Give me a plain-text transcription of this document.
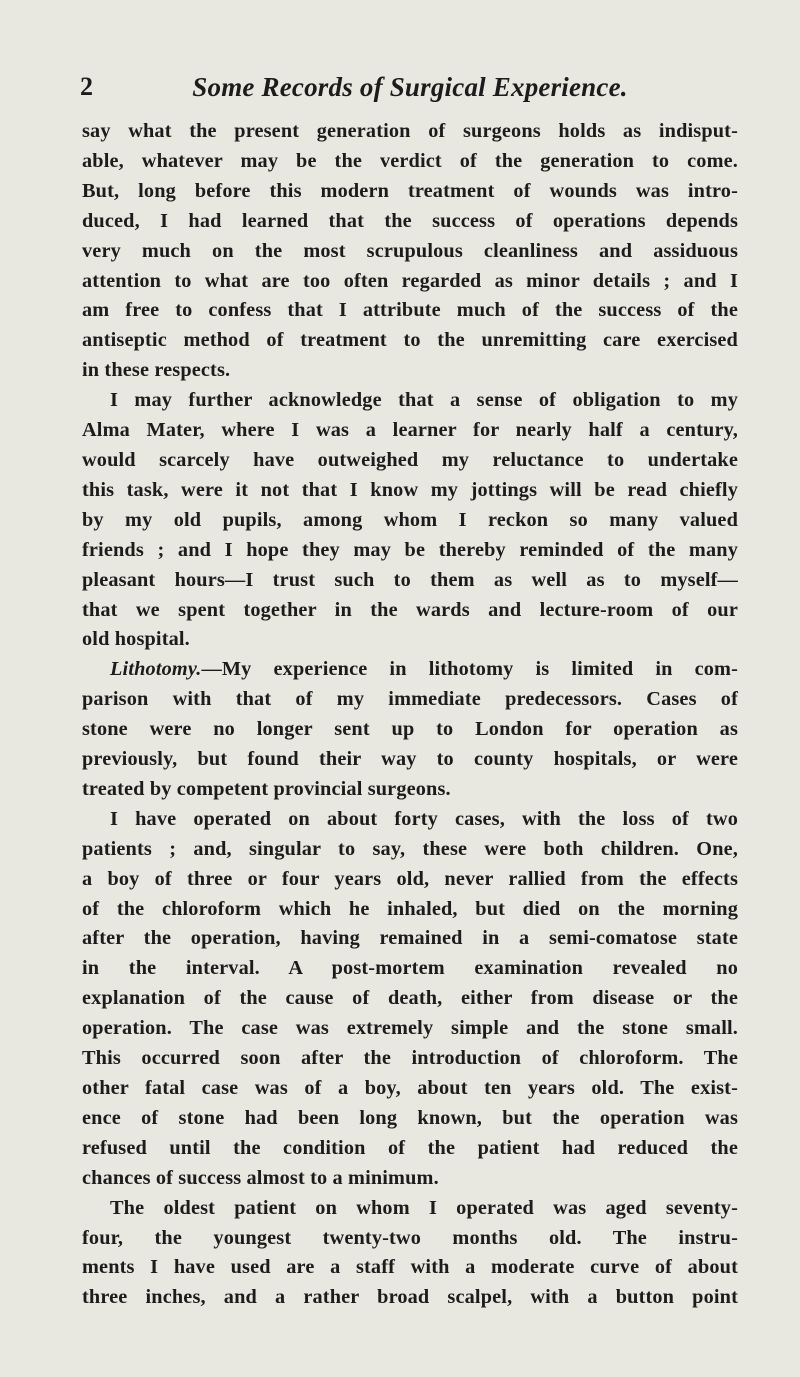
2	Some Records of Surgical Experience.
say what the present generation of surgeons holds as indisput-
able, whatever may be the verdict of the generation to come.
But, long before this modern treatment of wounds was intro-
duced, I had learned that the success of operations depends
very much on the most scrupulous cleanliness and assiduous
attention to what are too often regarded as minor details ; and I
am free to confess that I attribute much of the success of the
antiseptic method of treatment to the unremitting care exercised
in these respects.
I may further acknowledge that a sense of obligation to my
Alma Mater, where I was a learner for nearly half a century,
would scarcely have outweighed my reluctance to undertake
this task, were it not that I know my jottings will be read chiefly
by my old pupils, among whom I reckon so many valued
friends ; and I hope they may be thereby reminded of the many
pleasant hours—I trust such to them as well as to myself—
that we spent together in the wards and lecture-room of our
old hospital.
Lithotomy.—My experience in lithotomy is limited in com-
parison with that of my immediate predecessors. Cases of
stone were no longer sent up to London for operation as
previously, but found their way to county hospitals, or were
treated by competent provincial surgeons.
I have operated on about forty cases, with the loss of two
patients ; and, singular to say, these were both children. One,
a boy of three or four years old, never rallied from the effects
of the chloroform which he inhaled, but died on the morning
after the operation, having remained in a semi-comatose state
in the interval. A post-mortem examination revealed no
explanation of the cause of death, either from disease or the
operation. The case was extremely simple and the stone small.
This occurred soon after the introduction of chloroform. The
other fatal case was of a boy, about ten years old. The exist-
ence of stone had been long known, but the operation was
refused until the condition of the patient had reduced the
chances of success almost to a minimum.
The oldest patient on whom I operated was aged seventy-
four, the youngest twenty-two months old. The instru-
ments I have used are a staff with a moderate curve of about
three inches, and a rather broad scalpel, with a button point
